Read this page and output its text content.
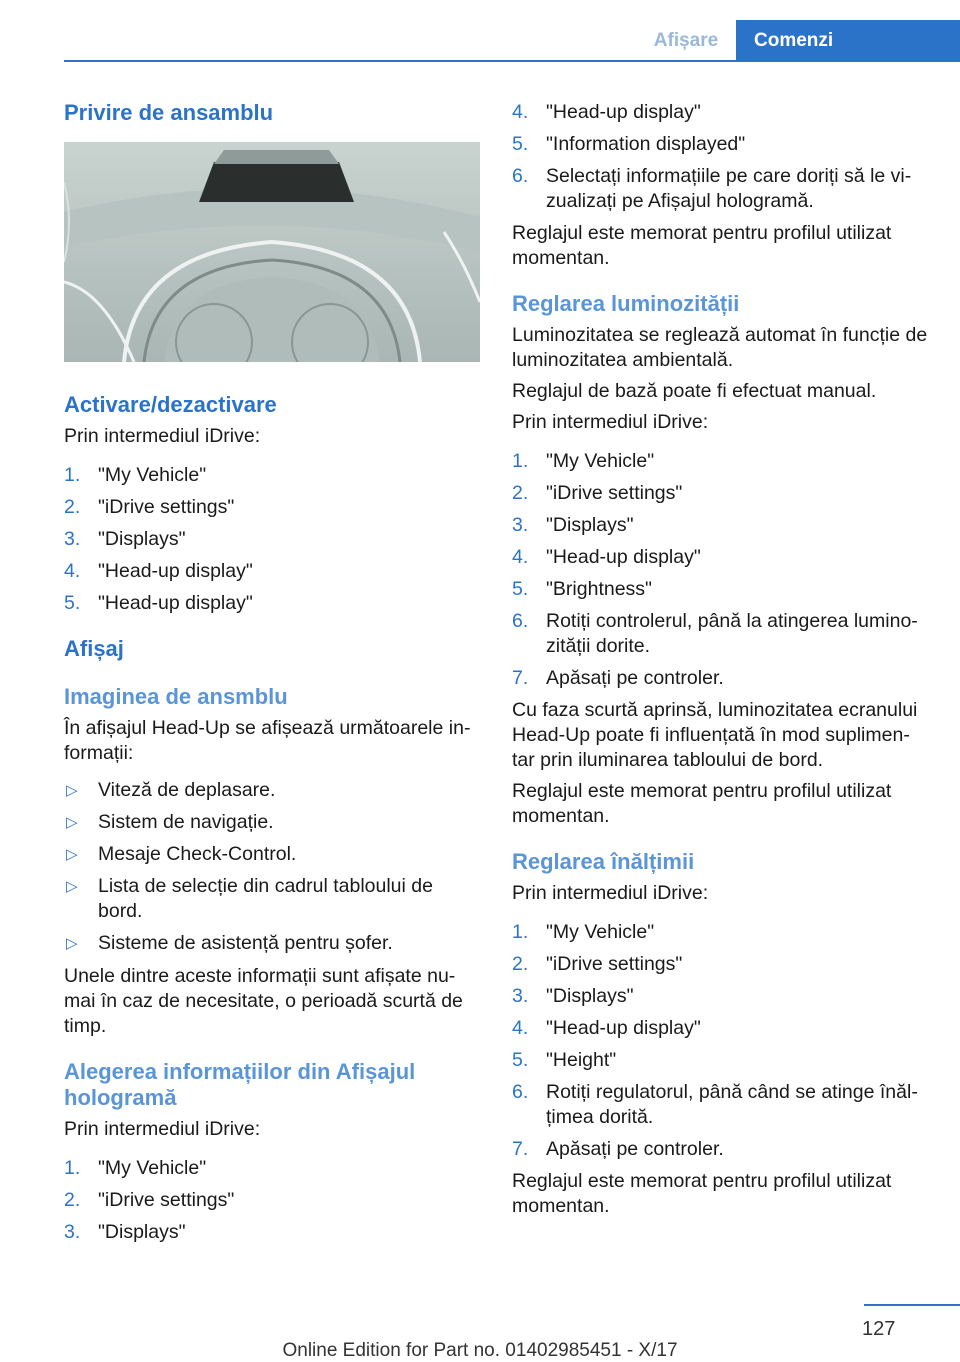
Afișare	Comenzi
Privire de ansamblu
Activare/dezactivare

Prin intermediul iDrive:

1. "My Vehicle"
2. "iDrive settings"
3. "Displays"
4. "Head-up display"
5. "Head-up display"
Afișaj
Imaginea de ansmblu

În afișajul Head-Up se afișează următoarele in-formații:

▷ Viteză de deplasare.
▷ Sistem de navigație.
▷ Mesaje Check-Control.
▷ Lista de selecție din cadrul tabloului de bord.
▷ Sisteme de asistență pentru șofer.

Unele dintre aceste informații sunt afișate nu-mai în caz de necesitate, o perioadă scurtă de timp.

Alegerea informațiilor din Afișajul hologramă

Prin intermediul iDrive:

1. "My Vehicle"
2. "iDrive settings"
3. "Displays"
4. "Head-up display"
5. "Information displayed"
6. Selectați informațiile pe care doriți să le vi-zualizați pe Afișajul hologramă.

Reglajul este memorat pentru profilul utilizat momentan.

Reglarea luminozității

Luminozitatea se reglează automat în funcție de luminozitatea ambientală.

Reglajul de bază poate fi efectuat manual.

Prin intermediul iDrive:

1. "My Vehicle"
2. "iDrive settings"
3. "Displays"
4. "Head-up display"
5. "Brightness"
6. Rotiți controlerul, până la atingerea lumino-zității dorite.
7. Apăsați pe controler.

Cu faza scurtă aprinsă, luminozitatea ecranului Head-Up poate fi influențată în mod suplimen-tar prin iluminarea tabloului de bord.

Reglajul este memorat pentru profilul utilizat momentan.

Reglarea înălțimii

Prin intermediul iDrive:

1. "My Vehicle"
2. "iDrive settings"
3. "Displays"
4. "Head-up display"
5. "Height"
6. Rotiți regulatorul, până când se atinge înăl-țimea dorită.
7. Apăsați pe controler.

Reglajul este memorat pentru profilul utilizat momentan.

127
Online Edition for Part no. 01402985451 - X/17
